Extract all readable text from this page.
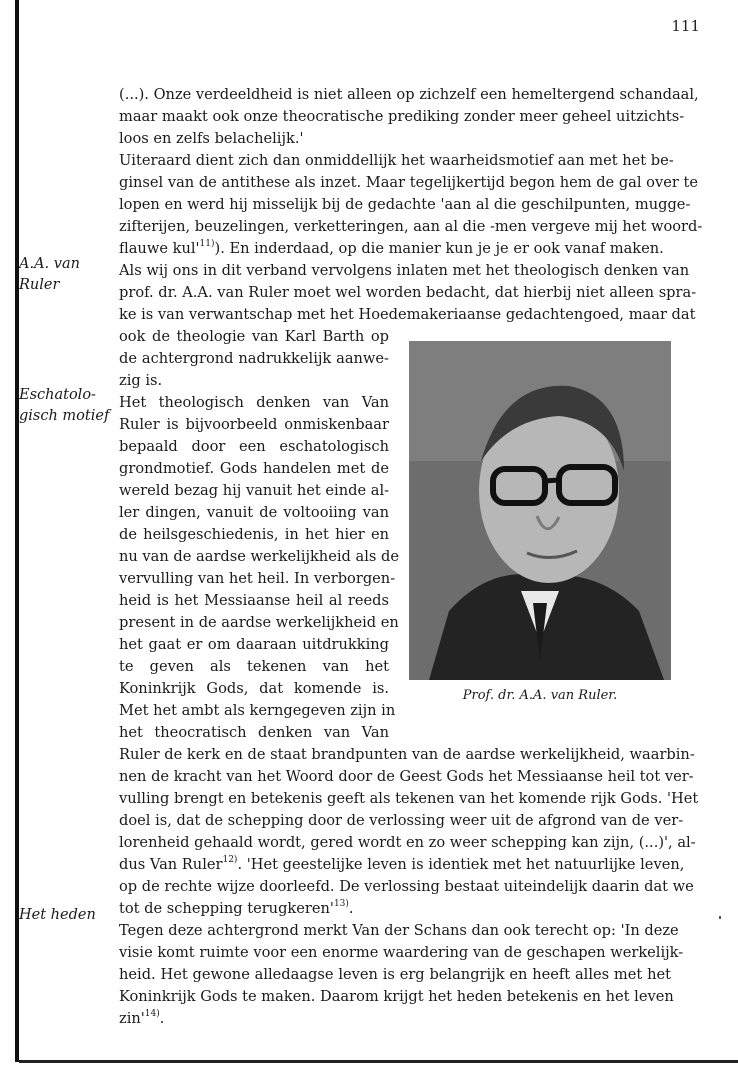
111
A.A. van
Ruler
Eschatolo-
gisch motief
Het heden
(...). Onze verdeeldheid is niet alleen op zichzelf een hemeltergend schandaal,
maar maakt ook onze theocratische prediking zonder meer geheel uitzichts-
loos en zelfs belachelijk.'
Uiteraard dient zich dan onmiddellijk het waarheidsmotief aan met het be-
ginsel van de antithese als inzet. Maar tegelijkertijd begon hem de gal over te
lopen en werd hij misselijk bij de gedachte 'aan al die geschilpunten, mugge-
zifterijen, beuzelingen, verketteringen, aan al die -men vergeve mij het woord-
flauwe $kul'^{11)}$). En inderdaad, op die manier kun je je er ook vanaf maken.
Als wij ons in dit verband vervolgens inlaten met het theologisch denken van
prof. dr. A.A. van Ruler moet wel worden bedacht, dat hierbij niet alleen spra-
ke is van verwantschap met het Hoedemakeriaanse gedachtengoed, maar dat
ook de theologie van Karl Barth op
de achtergrond nadrukkelijk aanwe-
zig is.
Het theologisch denken van Van
Ruler is bijvoorbeeld onmiskenbaar
bepaald door een eschatologisch
grondmotief. Gods handelen met de
wereld bezag hij vanuit het einde al-
ler dingen, vanuit de voltooiing van
de heilsgeschiedenis, in het hier en
nu van de aardse werkelijkheid als de
vervulling van het heil. In verborgen-
heid is het Messiaanse heil al reeds
present in de aardse werkelijkheid en
het gaat er om daaraan uitdrukking
te geven als tekenen van het
Koninkrijk Gods, dat komende is.
Met het ambt als kerngegeven zijn in
het theocratisch denken van Van
Prof. dr. A.A. van Ruler.
Ruler de kerk en de staat brandpunten van de aardse werkelijkheid, waarbin-
nen de kracht van het Woord door de Geest Gods het Messiaanse heil tot ver-
vulling brengt en betekenis geeft als tekenen van het komende rijk Gods. 'Het
doel is, dat de schepping door de verlossing weer uit de afgrond van de ver-
lorenheid gehaald wordt, gered wordt en zo weer schepping kan zijn, (...)', al-
dus Van Ruler$^{12)}$. 'Het geestelijke leven is identiek met het natuurlijke leven,
op de rechte wijze doorleefd. De verlossing bestaat uiteindelijk daarin dat we
tot de schepping $terugkeren'^{13)}$.
Tegen deze achtergrond merkt Van der Schans dan ook terecht op: 'In deze
visie komt ruimte voor een enorme waardering van de geschapen werkelijk-
heid. Het gewone alledaagse leven is erg belangrijk en heeft alles met het
Koninkrijk Gods te maken. Daarom krijgt het heden betekenis en het leven
$zin'^{14)}$.
